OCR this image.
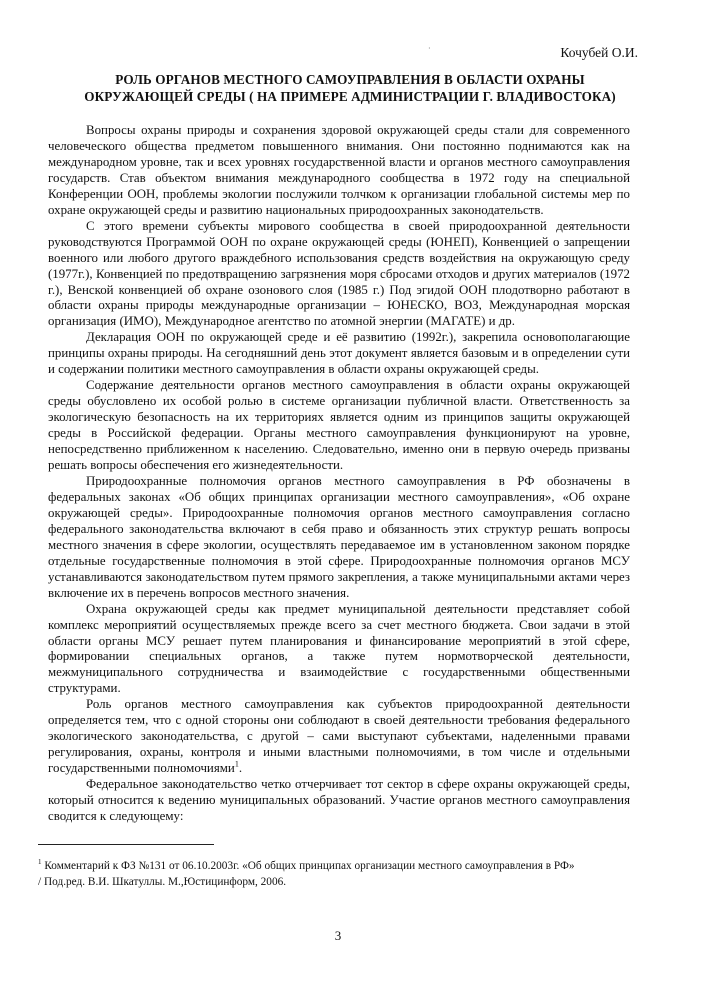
·	Кочубей О.И.
РОЛЬ ОРГАНОВ МЕСТНОГО САМОУПРАВЛЕНИЯ В ОБЛАСТИ ОХРАНЫ
ОКРУЖАЮЩЕЙ СРЕДЫ ( НА ПРИМЕРЕ АДМИНИСТРАЦИИ Г. ВЛАДИВОСТОКА)

Вопросы охраны природы и сохранения здоровой окружающей среды стали для современного человеческого общества предметом повышенного внимания. Они постоянно поднимаются как на международном уровне, так и всех уровнях государственной власти и органов местного самоуправления государств. Став объектом внимания международного сообщества в 1972 году на специальной Конференции ООН, проблемы экологии послужили толчком к организации глобальной системы мер по охране окружающей среды и развитию национальных природоохранных законодательств.

С этого времени субъекты мирового сообщества в своей природоохранной деятельности руководствуются Программой ООН по охране окружающей среды (ЮНЕП), Конвенцией о запрещении военного или любого другого враждебного использования средств воздействия на окружающую среду (1977г.), Конвенцией по предотвращению загрязнения моря сбросами отходов и других материалов (1972 г.), Венской конвенцией об охране озонового слоя (1985 г.) Под эгидой ООН плодотворно работают в области охраны природы международные организации – ЮНЕСКО, ВОЗ, Международная морская организация (ИМО), Международное агентство по атомной энергии (МАГАТЕ) и др.

Декларация ООН по окружающей среде и её развитию (1992г.), закрепила основополагающие принципы охраны природы. На сегодняшний день этот документ является базовым и в определении сути и содержании политики местного самоуправления в области охраны окружающей среды.

Содержание деятельности органов местного самоуправления в области охраны окружающей среды обусловлено их особой ролью в системе организации публичной власти. Ответственность за экологическую безопасность на их территориях является одним из принципов защиты окружающей среды в Российской федерации. Органы местного самоуправления функционируют на уровне, непосредственно приближенном к населению. Следовательно, именно они в первую очередь призваны решать вопросы обеспечения его жизнедеятельности.

Природоохранные полномочия органов местного самоуправления в РФ обозначены в федеральных законах «Об общих принципах организации местного самоуправления», «Об охране окружающей среды». Природоохранные полномочия органов местного самоуправления согласно федерального законодательства включают в себя право и обязанность этих структур решать вопросы местного значения в сфере экологии, осуществлять передаваемое им в установленном законом порядке отдельные государственные полномочия в этой сфере. Природоохранные полномочия органов МСУ устанавливаются законодательством путем прямого закрепления, а также муниципальными актами через включение их в перечень вопросов местного значения.

Охрана окружающей среды как предмет муниципальной деятельности представляет собой комплекс мероприятий осуществляемых прежде всего за счет местного бюджета. Свои задачи в этой области органы МСУ решает путем планирования и финансирование мероприятий в этой сфере, формировании специальных органов, а также путем нормотворческой деятельности, межмуниципального сотрудничества и взаимодействие с государственными общественными структурами.

Роль органов местного самоуправления как субъектов природоохранной деятельности определяется тем, что с одной стороны они соблюдают в своей деятельности требования федерального экологического законодательства, с другой – сами выступают субъектами, наделенными правами регулирования, охраны, контроля и иными властными полномочиями, в том числе и отдельными государственными полномочиями$^1$.

Федеральное законодательство четко отчерчивает тот сектор в сфере охраны окружающей среды, который относится к ведению муниципальных образований. Участие органов местного самоуправления сводится к следующему:

$^1$ Комментарий к ФЗ №131 от 06.10.2003г. «Об общих принципах организации местного самоуправления в РФ»
/ Под.ред. В.И. Шкатуллы. М.,Юстицинформ, 2006.
3
